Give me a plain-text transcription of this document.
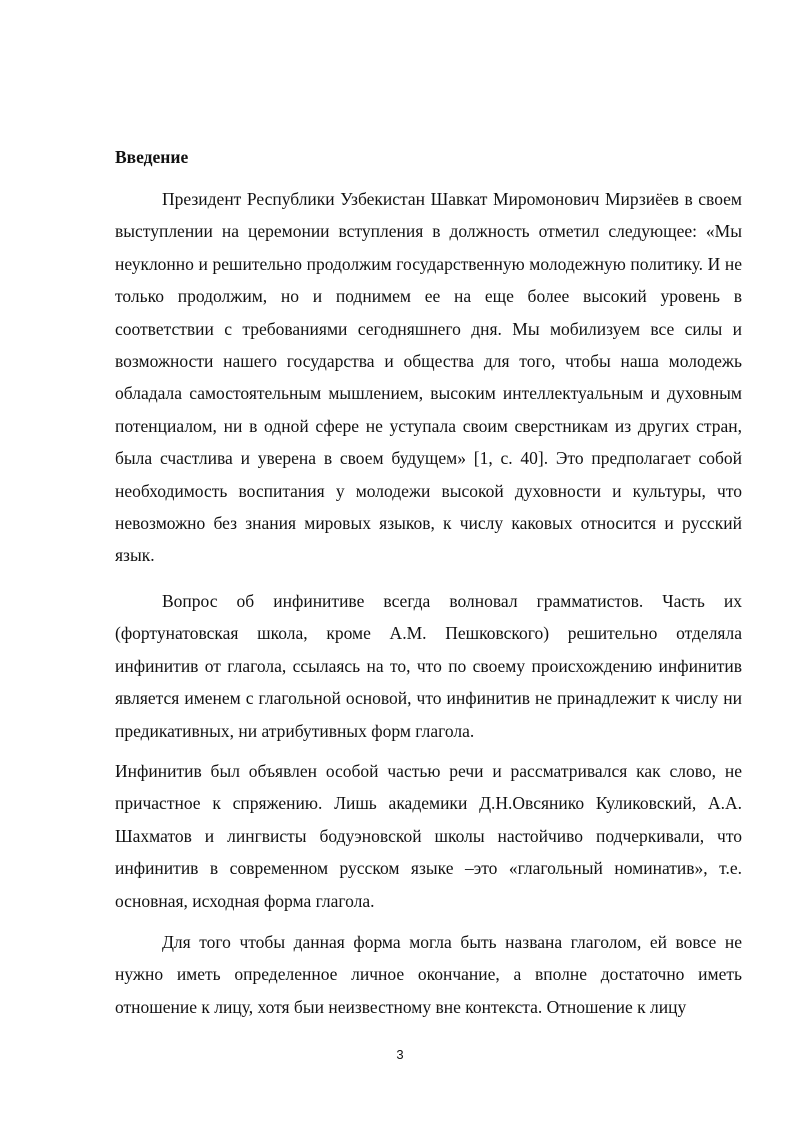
Введение

Президент Республики Узбекистан Шавкат Миромонович Мирзиёев в своем выступлении на церемонии вступления в должность отметил следующее: «Мы неуклонно и решительно продолжим государственную молодежную политику. И не только продолжим, но и поднимем ее на еще более высокий уровень в соответствии с требованиями сегодняшнего дня. Мы мобилизуем все силы и возможности нашего государства и общества для того, чтобы наша молодежь обладала самостоятельным мышлением, высоким интеллектуальным и духовным потенциалом, ни в одной сфере не уступала своим сверстникам из других стран, была счастлива и уверена в своем будущем» [1, с. 40]. Это предполагает собой необходимость воспитания у молодежи высокой духовности и культуры, что невозможно без знания мировых языков, к числу каковых относится и русский язык.

Вопрос об инфинитиве всегда волновал грамматистов. Часть их (фортунатовская школа, кроме А.М. Пешковского) решительно отделяла инфинитив от глагола, ссылаясь на то, что по своему происхождению инфинитив является именем с глагольной основой, что инфинитив не принадлежит к числу ни предикативных, ни атрибутивных форм глагола.

Инфинитив был объявлен особой частью речи и рассматривался как слово, не причастное к спряжению. Лишь академики Д.Н.Овсянико Куликовский, А.А. Шахматов и лингвисты бодуэновской школы настойчиво подчеркивали, что инфинитив в современном русском языке –это «глагольный номинатив», т.е. основная, исходная форма глагола.

Для того чтобы данная форма могла быть названа глаголом, ей вовсе не нужно иметь определенное личное окончание, а вполне достаточно иметь отношение к лицу, хотя быи неизвестному вне контекста. Отношение к лицу

3
